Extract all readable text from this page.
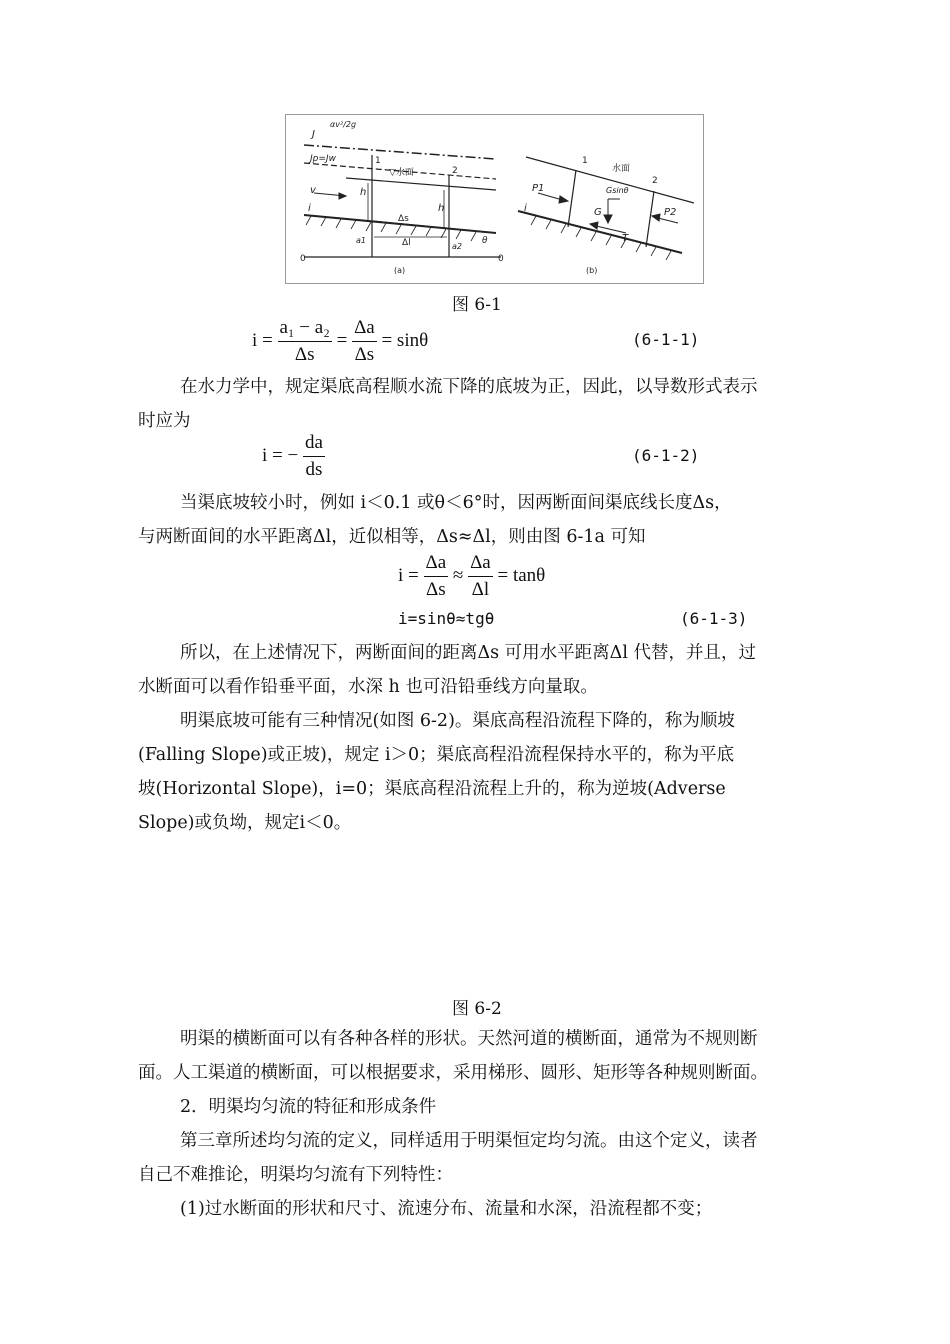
J
αv²/2g
Jp=Jw
▽水面
1
2
v	h
h
i
Δs
Δl
a1
a2
θ
0	0
(a)
1
2
水面
Gsinθ
P1
P2
G
T
i
(b)
图 6-1
$i = \frac{\text{a₁ − a₂}}{\Delta s} = \frac{\Delta a}{\Delta s} = \sin\theta$	(6-1-1)
在水力学中，规定渠底高程顺水流下降的底坡为正，因此，以导数形式表示
时应为
i = − $\frac{da}{ds}$	(6-1-2)
当渠底坡较小时，例如 i＜0.1 或θ＜6°时，因两断面间渠底线长度Δs，
与两断面间的水平距离Δl，近似相等，Δs≈Δl，则由图 6-1a 可知
$i = \frac{\Delta a}{\Delta s} \approx \frac{\Delta a}{\Delta l} = \tan\theta$
i=sinθ≈tgθ	(6-1-3)
所以，在上述情况下，两断面间的距离Δs 可用水平距离Δl 代替，并且，过
水断面可以看作铅垂平面，水深 h 也可沿铅垂线方向量取。
明渠底坡可能有三种情况(如图 6-2)。渠底高程沿流程下降的，称为顺坡
(Falling Slope)或正坡)，规定 i＞0；渠底高程沿流程保持水平的，称为平底
坡(Horizontal Slope)，i=0；渠底高程沿流程上升的，称为逆坡(Adverse
Slope)或负坳，规定i＜0。
图 6-2
明渠的横断面可以有各种各样的形状。天然河道的横断面，通常为不规则断
面。人工渠道的横断面，可以根据要求，采用梯形、圆形、矩形等各种规则断面。
2．明渠均匀流的特征和形成条件
第三章所述均匀流的定义，同样适用于明渠恒定均匀流。由这个定义，读者
自己不难推论，明渠均匀流有下列特性：
(1)过水断面的形状和尺寸、流速分布、流量和水深，沿流程都不变；
